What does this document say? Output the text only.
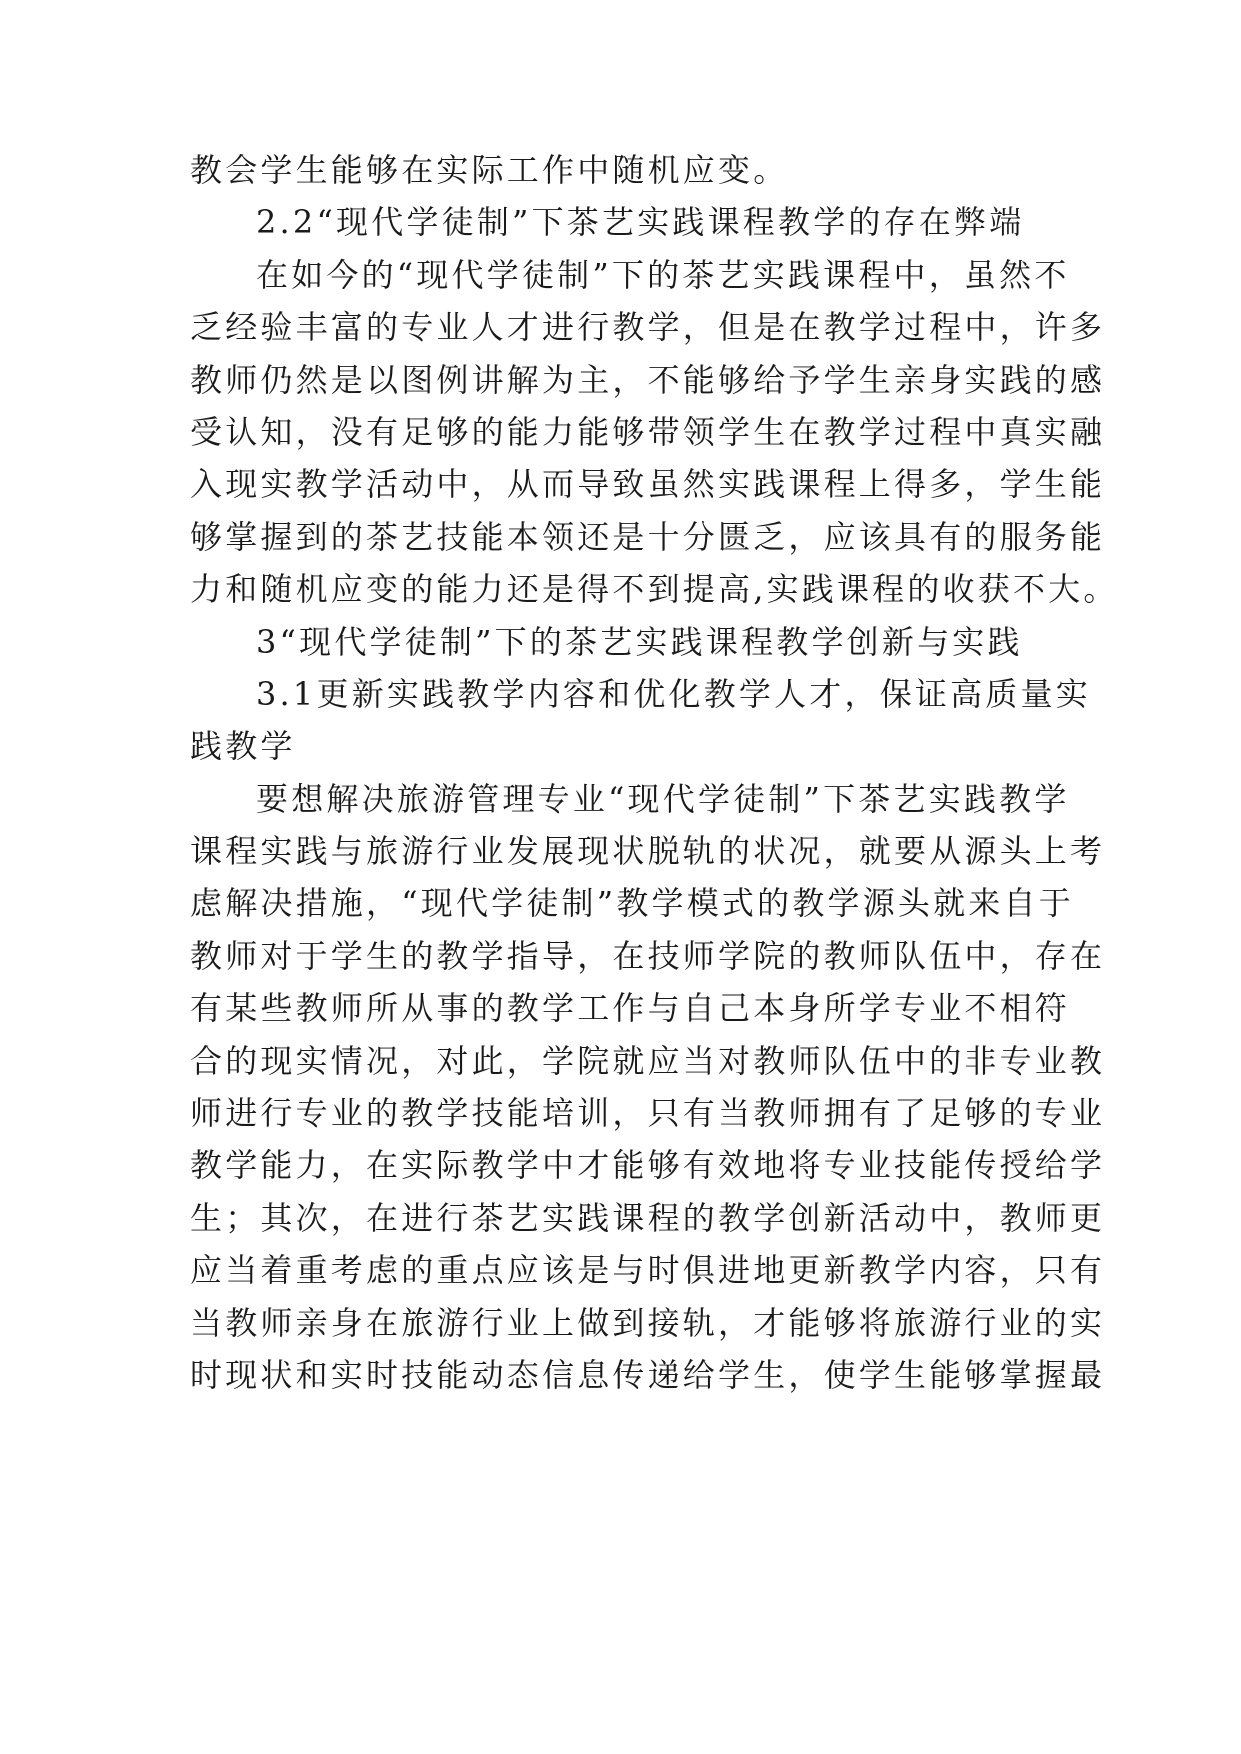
教会学生能够在实际工作中随机应变。
2.2“现代学徒制”下茶艺实践课程教学的存在弊端
在如今的“现代学徒制”下的茶艺实践课程中，虽然不
乏经验丰富的专业人才进行教学，但是在教学过程中，许多
教师仍然是以图例讲解为主，不能够给予学生亲身实践的感
受认知，没有足够的能力能够带领学生在教学过程中真实融
入现实教学活动中，从而导致虽然实践课程上得多，学生能
够掌握到的茶艺技能本领还是十分匮乏，应该具有的服务能
力和随机应变的能力还是得不到提高,实践课程的收获不大。
3“现代学徒制”下的茶艺实践课程教学创新与实践
3.1更新实践教学内容和优化教学人才，保证高质量实
践教学
要想解决旅游管理专业“现代学徒制”下茶艺实践教学
课程实践与旅游行业发展现状脱轨的状况，就要从源头上考
虑解决措施，“现代学徒制”教学模式的教学源头就来自于
教师对于学生的教学指导，在技师学院的教师队伍中，存在
有某些教师所从事的教学工作与自己本身所学专业不相符
合的现实情况，对此，学院就应当对教师队伍中的非专业教
师进行专业的教学技能培训，只有当教师拥有了足够的专业
教学能力，在实际教学中才能够有效地将专业技能传授给学
生；其次，在进行茶艺实践课程的教学创新活动中，教师更
应当着重考虑的重点应该是与时俱进地更新教学内容，只有
当教师亲身在旅游行业上做到接轨，才能够将旅游行业的实
时现状和实时技能动态信息传递给学生，使学生能够掌握最
